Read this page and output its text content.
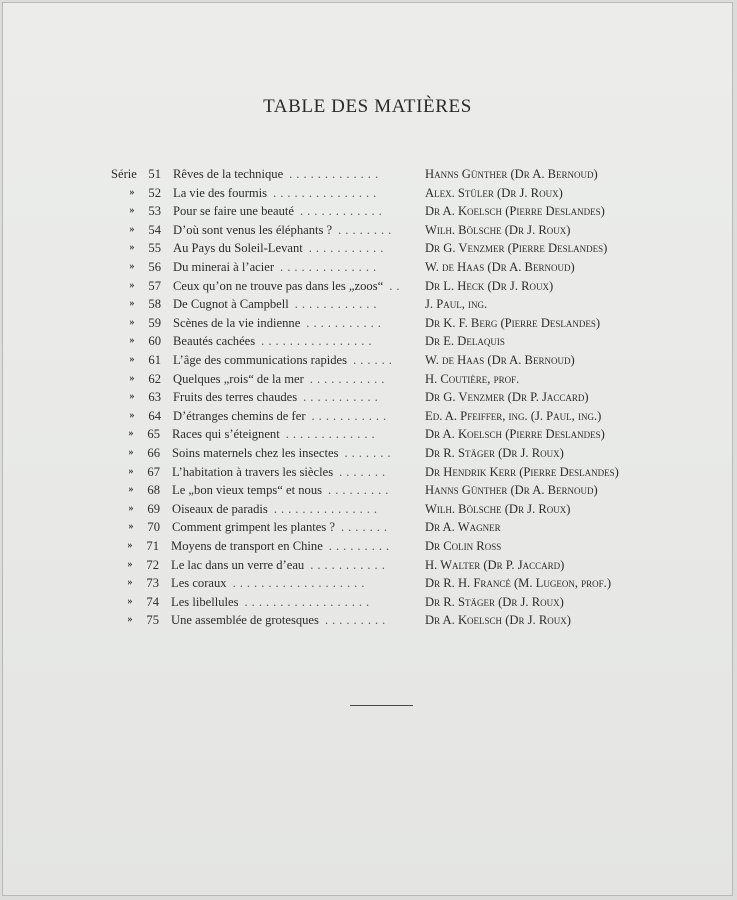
TABLE DES MATIÈRES
Série 51 Rêves de la technique .............	Hanns Günther (Dr A. Bernoud)
»	52 La vie des fourmis ...............	Alex. Stüler (Dr J. Roux)
»	53 Pour se faire une beauté ............	Dr A. Koelsch (Pierre Deslandes)
»	54 D’où sont venus les éléphants ? ........	Wilh. Bölsche (Dr J. Roux)
»	55 Au Pays du Soleil-Levant ...........	Dr G. Venzmer (Pierre Deslandes)
»	56 Du minerai à l’acier ..............	W. de Haas (Dr A. Bernoud)
»	57 Ceux qu’on ne trouve pas dans les „zoos“ ..	Dr L. Heck (Dr J. Roux)
»	58 De Cugnot à Campbell ............	J. Paul, ing.
»	59 Scènes de la vie indienne ...........	Dr K. F. Berg (Pierre Deslandes)
»	60 Beautés cachées ................	Dr E. Delaquis
»	61 L’âge des communications rapides ......	W. de Haas (Dr A. Bernoud)
»	62 Quelques „rois“ de la mer ...........	H. Coutière, prof.
»	63 Fruits des terres chaudes ...........	Dr G. Venzmer (Dr P. Jaccard)
»	64 D’étranges chemins de fer ...........	Ed. A. Pfeiffer, ing. (J. Paul, ing.)
»	65 Races qui s’éteignent .............	Dr A. Koelsch (Pierre Deslandes)
»	66 Soins maternels chez les insectes .......	Dr R. Stäger (Dr J. Roux)
»	67 L’habitation à travers les siècles .......	Dr Hendrik Kerr (Pierre Deslandes)
»	68 Le „bon vieux temps“ et nous .........	Hanns Günther (Dr A. Bernoud)
»	69 Oiseaux de paradis ...............	Wilh. Bölsche (Dr J. Roux)
»	70 Comment grimpent les plantes ? .......	Dr A. Wagner
»	71 Moyens de transport en Chine .........	Dr Colin Ross
»	72 Le lac dans un verre d’eau ...........	H. Walter (Dr P. Jaccard)
»	73 Les coraux ...................	Dr R. H. Francé (M. Lugeon, prof.)
»	74 Les libellules ..................	Dr R. Stäger (Dr J. Roux)
»	75 Une assemblée de grotesques .........	Dr A. Koelsch (Dr J. Roux)
